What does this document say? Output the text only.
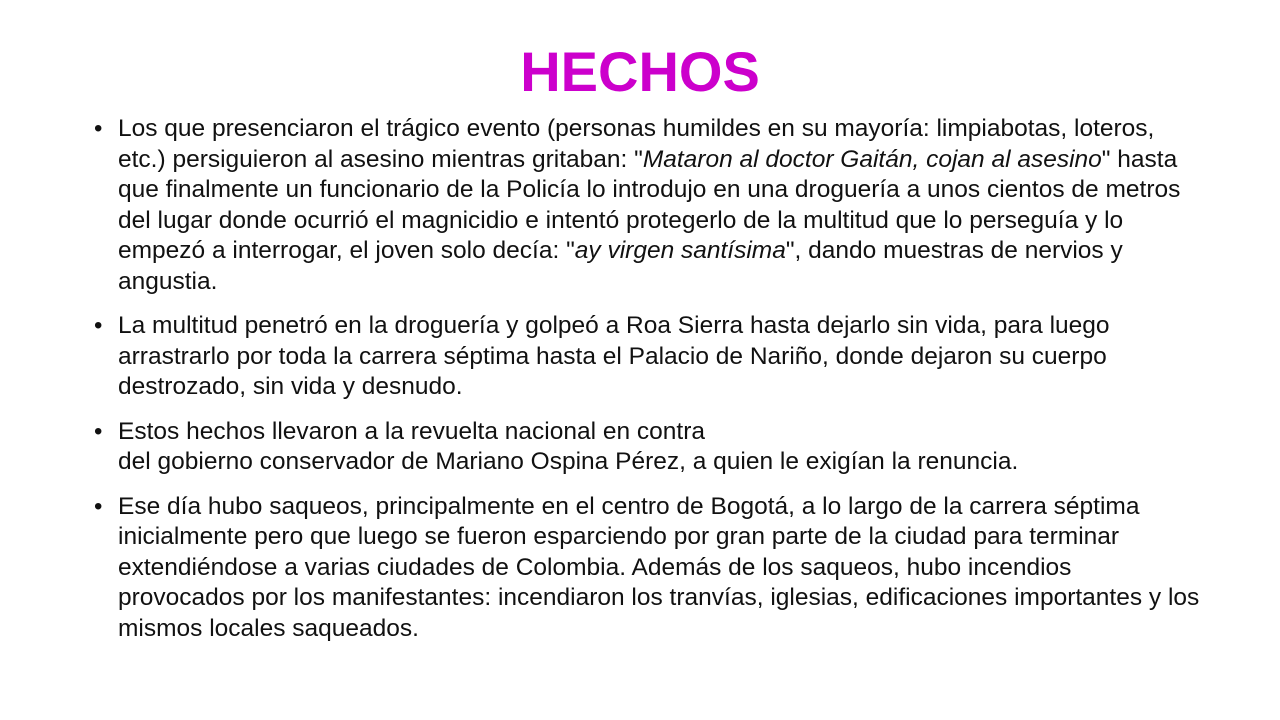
HECHOS
• Los que presenciaron el trágico evento (personas humildes en su mayoría: limpiabotas, loteros, etc.) persiguieron al asesino mientras gritaban: "Mataron al doctor Gaitán, cojan al asesino" hasta que finalmente un funcionario de la Policía lo introdujo en una droguería a unos cientos de metros del lugar donde ocurrió el magnicidio e intentó protegerlo de la multitud que lo perseguía y lo empezó a interrogar, el joven solo decía: "ay virgen santísima", dando muestras de nervios y angustia.
• La multitud penetró en la droguería y golpeó a Roa Sierra hasta dejarlo sin vida, para luego arrastrarlo por toda la carrera séptima hasta el Palacio de Nariño, donde dejaron su cuerpo destrozado, sin vida y desnudo.
• Estos hechos llevaron a la revuelta nacional en contra
del gobierno conservador de Mariano Ospina Pérez, a quien le exigían la renuncia.
• Ese día hubo saqueos, principalmente en el centro de Bogotá, a lo largo de la carrera séptima inicialmente pero que luego se fueron esparciendo por gran parte de la ciudad para terminar extendiéndose a varias ciudades de Colombia. Además de los saqueos, hubo incendios provocados por los manifestantes: incendiaron los tranvías, iglesias, edificaciones importantes y los mismos locales saqueados.
